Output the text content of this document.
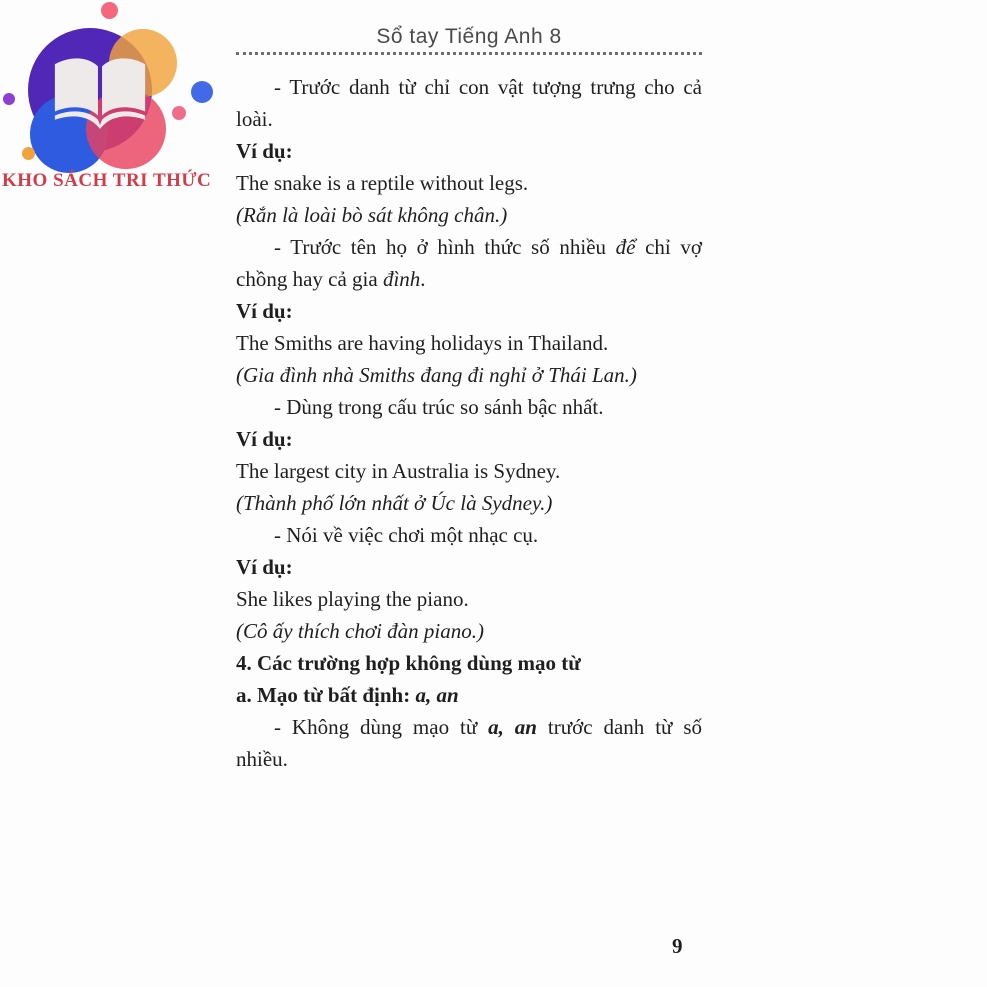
KHO SÁCH TRI THỨC
Sổ tay Tiếng Anh 8

- Trước danh từ chỉ con vật tượng trưng cho cả loài.

Ví dụ:

The snake is a reptile without legs.

(Rắn là loài bò sát không chân.)

- Trước tên họ ở hình thức số nhiều để chỉ vợ chồng hay cả gia đình.

Ví dụ:

The Smiths are having holidays in Thailand.

(Gia đình nhà Smiths đang đi nghỉ ở Thái Lan.)

- Dùng trong cấu trúc so sánh bậc nhất.

Ví dụ:

The largest city in Australia is Sydney.

(Thành phố lớn nhất ở Úc là Sydney.)

- Nói về việc chơi một nhạc cụ.

Ví dụ:

She likes playing the piano.

(Cô ấy thích chơi đàn piano.)

4. Các trường hợp không dùng mạo từ

a. Mạo từ bất định: a, an

- Không dùng mạo từ a, an trước danh từ số nhiều.

9
